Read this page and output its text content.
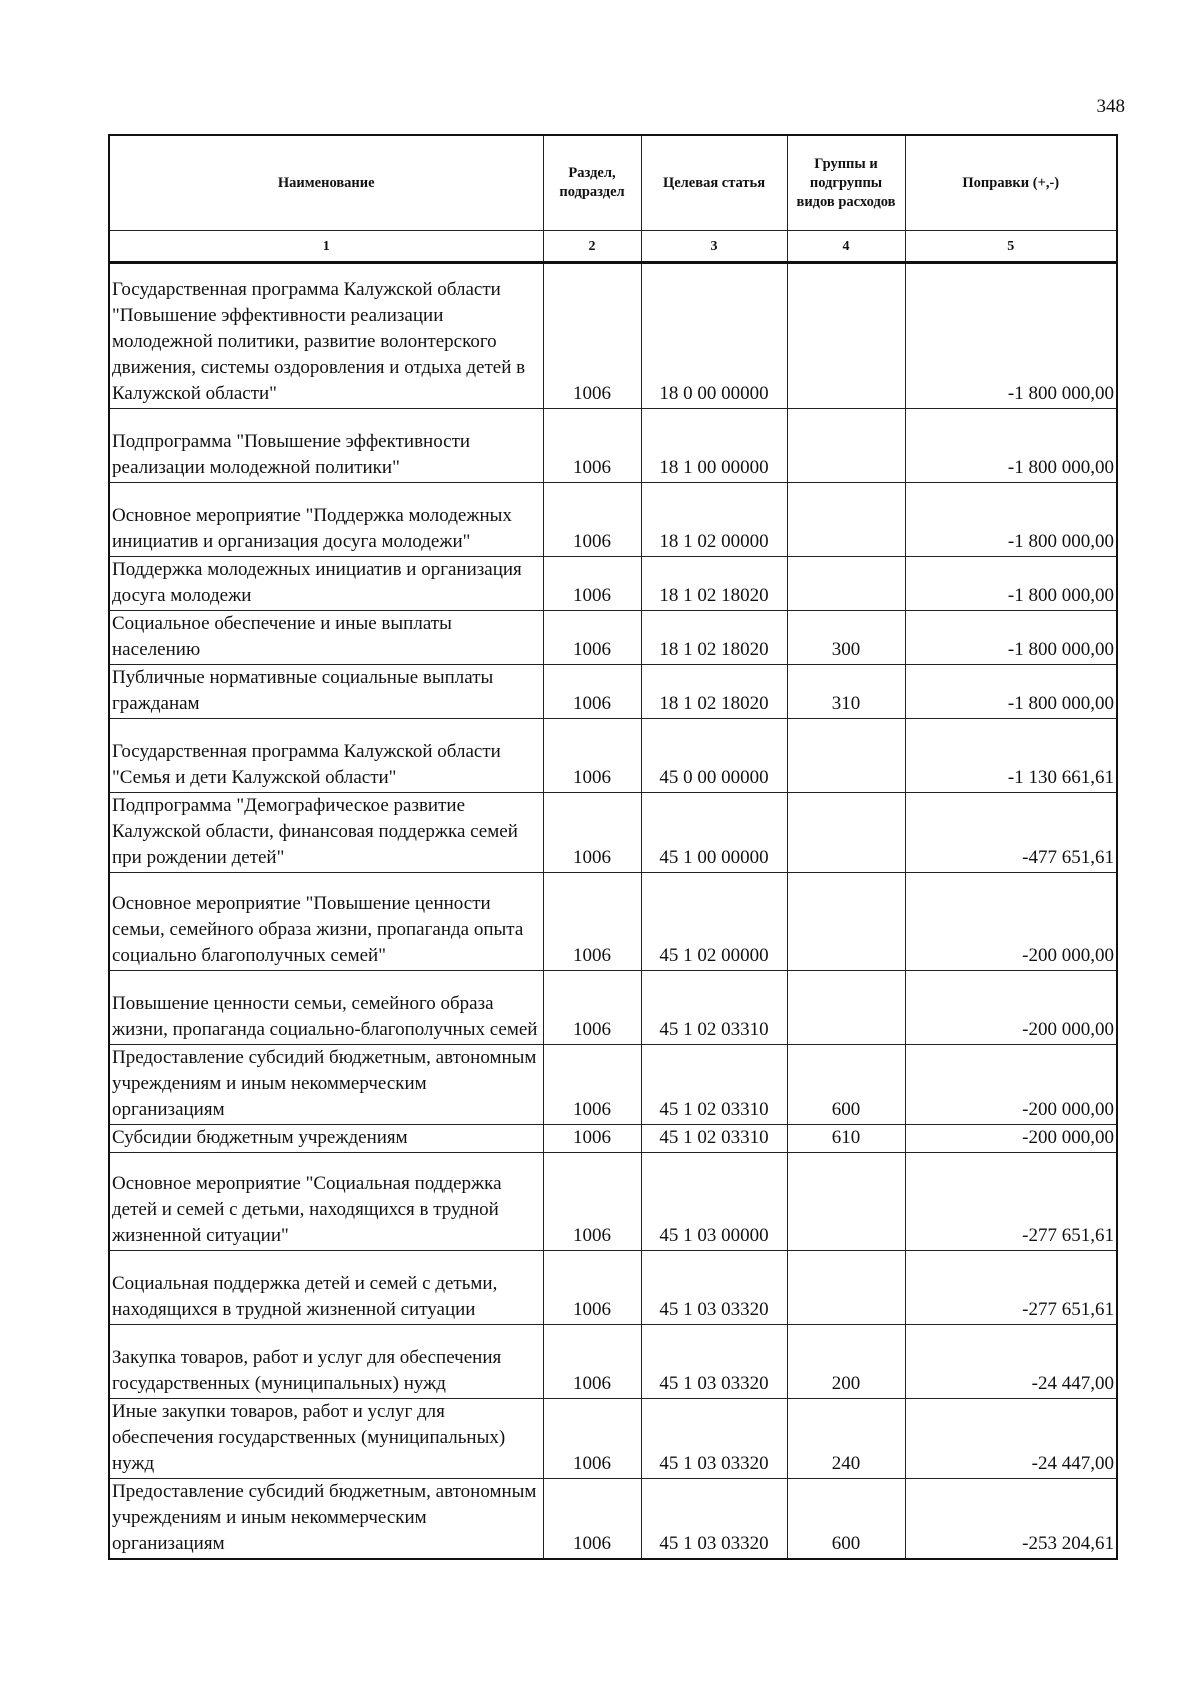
348
Наименование	Раздел, подраздел	Целевая статья	Группы и подгруппы видов расходов	Поправки (+,-)
1	2	3	4	5
Государственная программа Калужской области "Повышение эффективности реализации молодежной политики, развитие волонтерского движения, системы оздоровления и отдыха детей в Калужской области"	1006	18 0 00 00000		-1 800 000,00
Подпрограмма "Повышение эффективности реализации молодежной политики"	1006	18 1 00 00000		-1 800 000,00
Основное мероприятие "Поддержка молодежных инициатив и организация досуга молодежи"	1006	18 1 02 00000		-1 800 000,00
Поддержка молодежных инициатив и организация досуга молодежи	1006	18 1 02 18020		-1 800 000,00
Социальное обеспечение и иные выплаты населению	1006	18 1 02 18020	300	-1 800 000,00
Публичные нормативные социальные выплаты гражданам	1006	18 1 02 18020	310	-1 800 000,00
Государственная программа Калужской области "Семья и дети Калужской области"	1006	45 0 00 00000		-1 130 661,61
Подпрограмма "Демографическое развитие Калужской области, финансовая поддержка семей при рождении детей"	1006	45 1 00 00000		-477 651,61
Основное мероприятие "Повышение ценности семьи, семейного образа жизни, пропаганда опыта социально благополучных семей"	1006	45 1 02 00000		-200 000,00
Повышение ценности семьи, семейного образа жизни, пропаганда социально-благополучных семей	1006	45 1 02 03310		-200 000,00
Предоставление субсидий бюджетным, автономным учреждениям и иным некоммерческим организациям	1006	45 1 02 03310	600	-200 000,00
Субсидии бюджетным учреждениям	1006	45 1 02 03310	610	-200 000,00
Основное мероприятие "Социальная поддержка детей и семей с детьми, находящихся в трудной жизненной ситуации"	1006	45 1 03 00000		-277 651,61
Социальная поддержка детей и семей с детьми, находящихся в трудной жизненной ситуации	1006	45 1 03 03320		-277 651,61
Закупка товаров, работ и услуг для обеспечения государственных (муниципальных) нужд	1006	45 1 03 03320	200	-24 447,00
Иные закупки товаров, работ и услуг для обеспечения государственных (муниципальных) нужд	1006	45 1 03 03320	240	-24 447,00
Предоставление субсидий бюджетным, автономным учреждениям и иным некоммерческим организациям	1006	45 1 03 03320	600	-253 204,61
